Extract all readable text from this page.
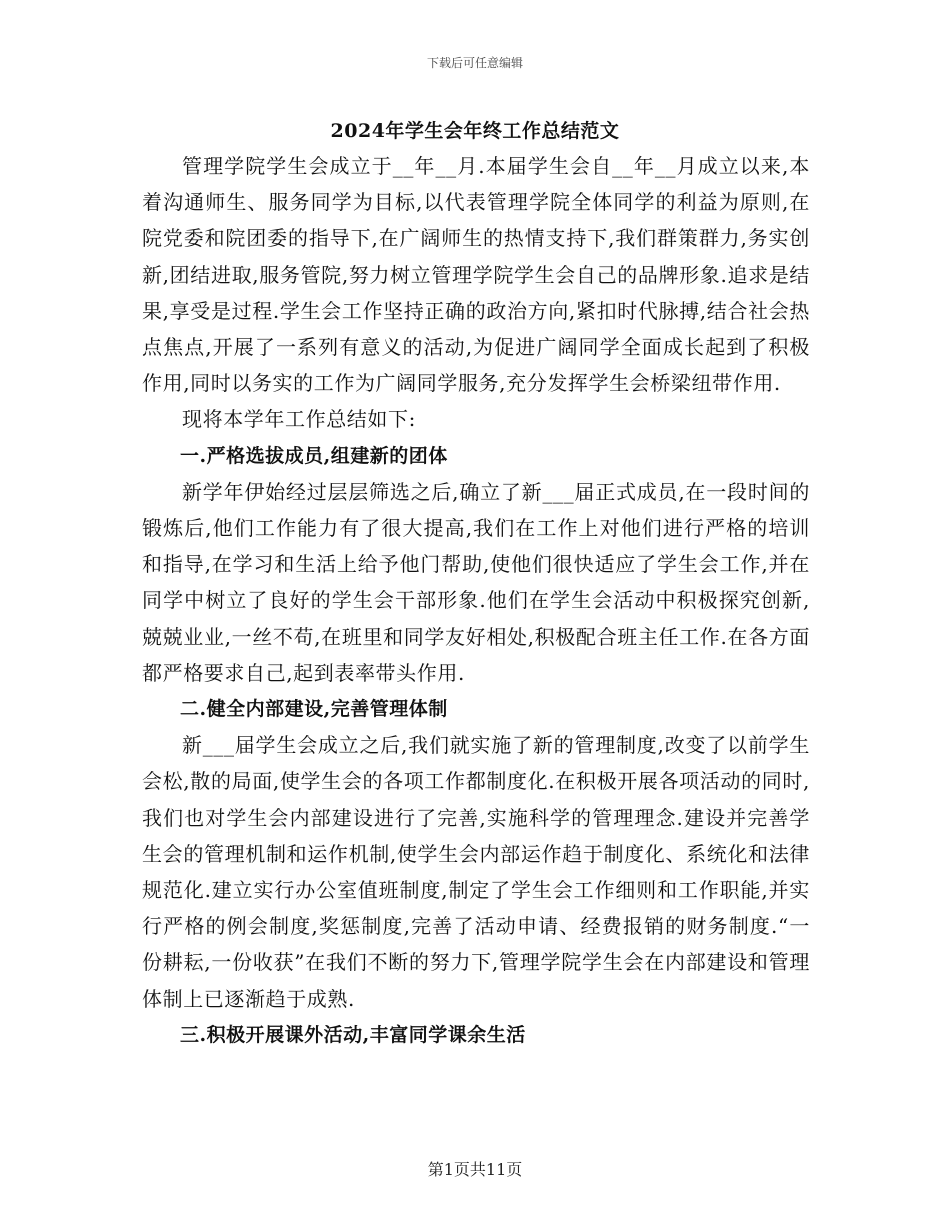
下载后可任意编辑
2024年学生会年终工作总结范文

管理学院学生会成立于__年__月.本届学生会自__年__月成立以来,本着沟通师生、服务同学为目标,以代表管理学院全体同学的利益为原则,在院党委和院团委的指导下,在广阔师生的热情支持下,我们群策群力,务实创新,团结进取,服务管院,努力树立管理学院学生会自己的品牌形象.追求是结果,享受是过程.学生会工作坚持正确的政治方向,紧扣时代脉搏,结合社会热点焦点,开展了一系列有意义的活动,为促进广阔同学全面成长起到了积极作用,同时以务实的工作为广阔同学服务,充分发挥学生会桥梁纽带作用.

现将本学年工作总结如下:

一.严格选拔成员,组建新的团体

新学年伊始经过层层筛选之后,确立了新___届正式成员,在一段时间的锻炼后,他们工作能力有了很大提高,我们在工作上对他们进行严格的培训和指导,在学习和生活上给予他门帮助,使他们很快适应了学生会工作,并在同学中树立了良好的学生会干部形象.他们在学生会活动中积极探究创新,兢兢业业,一丝不苟,在班里和同学友好相处,积极配合班主任工作.在各方面都严格要求自己,起到表率带头作用.

二.健全内部建设,完善管理体制

新___届学生会成立之后,我们就实施了新的管理制度,改变了以前学生会松,散的局面,使学生会的各项工作都制度化.在积极开展各项活动的同时,我们也对学生会内部建设进行了完善,实施科学的管理理念.建设并完善学生会的管理机制和运作机制,使学生会内部运作趋于制度化、系统化和法律规范化.建立实行办公室值班制度,制定了学生会工作细则和工作职能,并实行严格的例会制度,奖惩制度,完善了活动申请、经费报销的财务制度.“一份耕耘,一份收获”在我们不断的努力下,管理学院学生会在内部建设和管理体制上已逐渐趋于成熟.

三.积极开展课外活动,丰富同学课余生活

第1页共11页
